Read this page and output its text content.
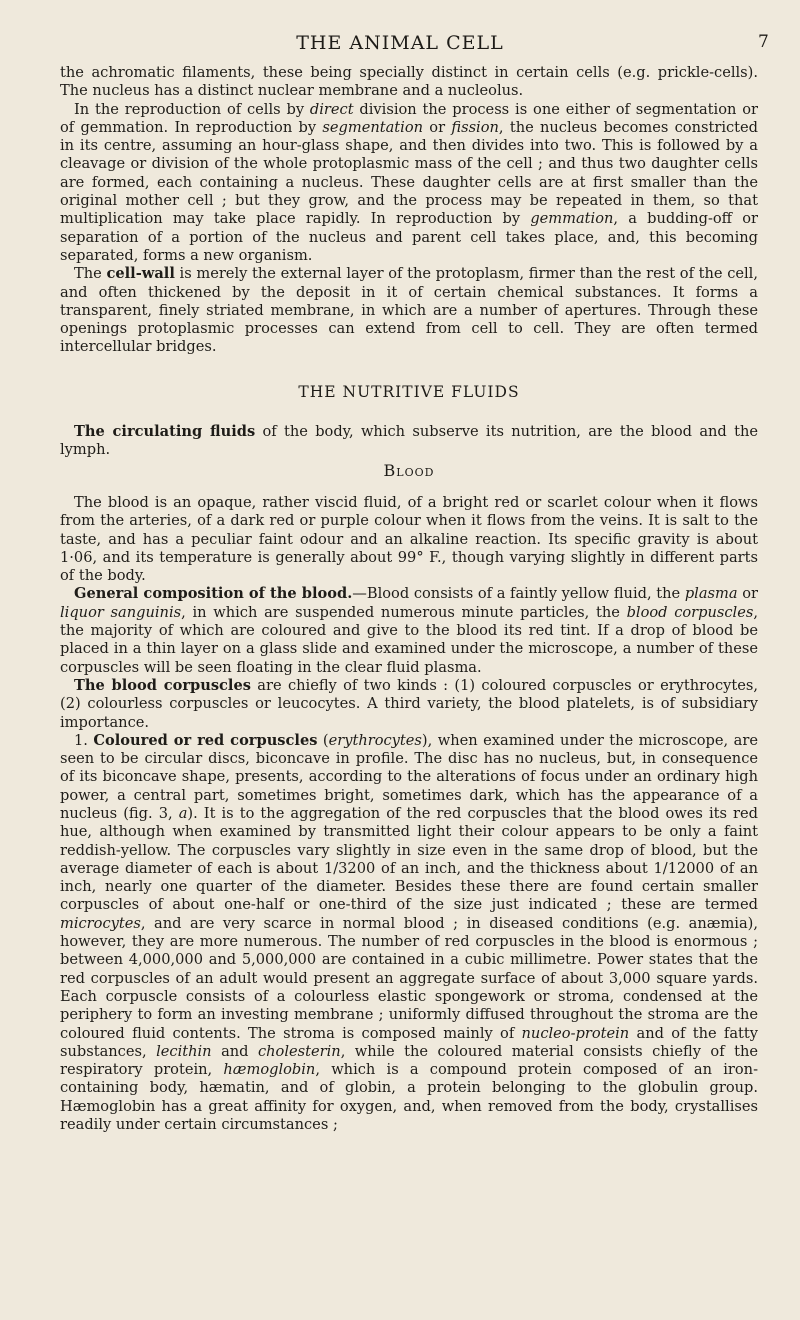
THE ANIMAL CELL	7

the achromatic filaments, these being specially distinct in certain cells (e.g. prickle-cells). The nucleus has a distinct nuclear membrane and a nucleolus.

In the reproduction of cells by direct division the process is one either of segmentation or of gemmation. In reproduction by segmentation or fission, the nucleus becomes constricted in its centre, assuming an hour-glass shape, and then divides into two. This is followed by a cleavage or division of the whole protoplasmic mass of the cell ; and thus two daughter cells are formed, each containing a nucleus. These daughter cells are at first smaller than the original mother cell ; but they grow, and the process may be repeated in them, so that multiplication may take place rapidly. In reproduction by gemmation, a budding-off or separation of a portion of the nucleus and parent cell takes place, and, this becoming separated, forms a new organism.

The cell-wall is merely the external layer of the protoplasm, firmer than the rest of the cell, and often thickened by the deposit in it of certain chemical substances. It forms a transparent, finely striated membrane, in which are a number of apertures. Through these openings protoplasmic processes can extend from cell to cell. They are often termed intercellular bridges.

THE NUTRITIVE FLUIDS

The circulating fluids of the body, which subserve its nutrition, are the blood and the lymph.

Blood

The blood is an opaque, rather viscid fluid, of a bright red or scarlet colour when it flows from the arteries, of a dark red or purple colour when it flows from the veins. It is salt to the taste, and has a peculiar faint odour and an alkaline reaction. Its specific gravity is about 1·06, and its temperature is generally about 99° F., though varying slightly in different parts of the body.

General composition of the blood.—Blood consists of a faintly yellow fluid, the plasma or liquor sanguinis, in which are suspended numerous minute particles, the blood corpuscles, the majority of which are coloured and give to the blood its red tint. If a drop of blood be placed in a thin layer on a glass slide and examined under the microscope, a number of these corpuscles will be seen floating in the clear fluid plasma.

The blood corpuscles are chiefly of two kinds : (1) coloured corpuscles or erythrocytes, (2) colourless corpuscles or leucocytes. A third variety, the blood platelets, is of subsidiary importance.

1. Coloured or red corpuscles (erythrocytes), when examined under the microscope, are seen to be circular discs, biconcave in profile. The disc has no nucleus, but, in consequence of its biconcave shape, presents, according to the alterations of focus under an ordinary high power, a central part, sometimes bright, sometimes dark, which has the appearance of a nucleus (fig. 3, a). It is to the aggregation of the red corpuscles that the blood owes its red hue, although when examined by transmitted light their colour appears to be only a faint reddish-yellow. The corpuscles vary slightly in size even in the same drop of blood, but the average diameter of each is about 1/3200 of an inch, and the thickness about 1/12000 of an inch, nearly one quarter of the diameter. Besides these there are found certain smaller corpuscles of about one-half or one-third of the size just indicated ; these are termed microcytes, and are very scarce in normal blood ; in diseased conditions (e.g. anæmia), however, they are more numerous. The number of red corpuscles in the blood is enormous ; between 4,000,000 and 5,000,000 are contained in a cubic millimetre. Power states that the red corpuscles of an adult would present an aggregate surface of about 3,000 square yards. Each corpuscle consists of a colourless elastic spongework or stroma, condensed at the periphery to form an investing membrane ; uniformly diffused throughout the stroma are the coloured fluid contents. The stroma is composed mainly of nucleo-protein and of the fatty substances, lecithin and cholesterin, while the coloured material consists chiefly of the respiratory protein, hæmoglobin, which is a compound protein composed of an iron-containing body, hæmatin, and of globin, a protein belonging to the globulin group. Hæmoglobin has a great affinity for oxygen, and, when removed from the body, crystallises readily under certain circumstances ;
